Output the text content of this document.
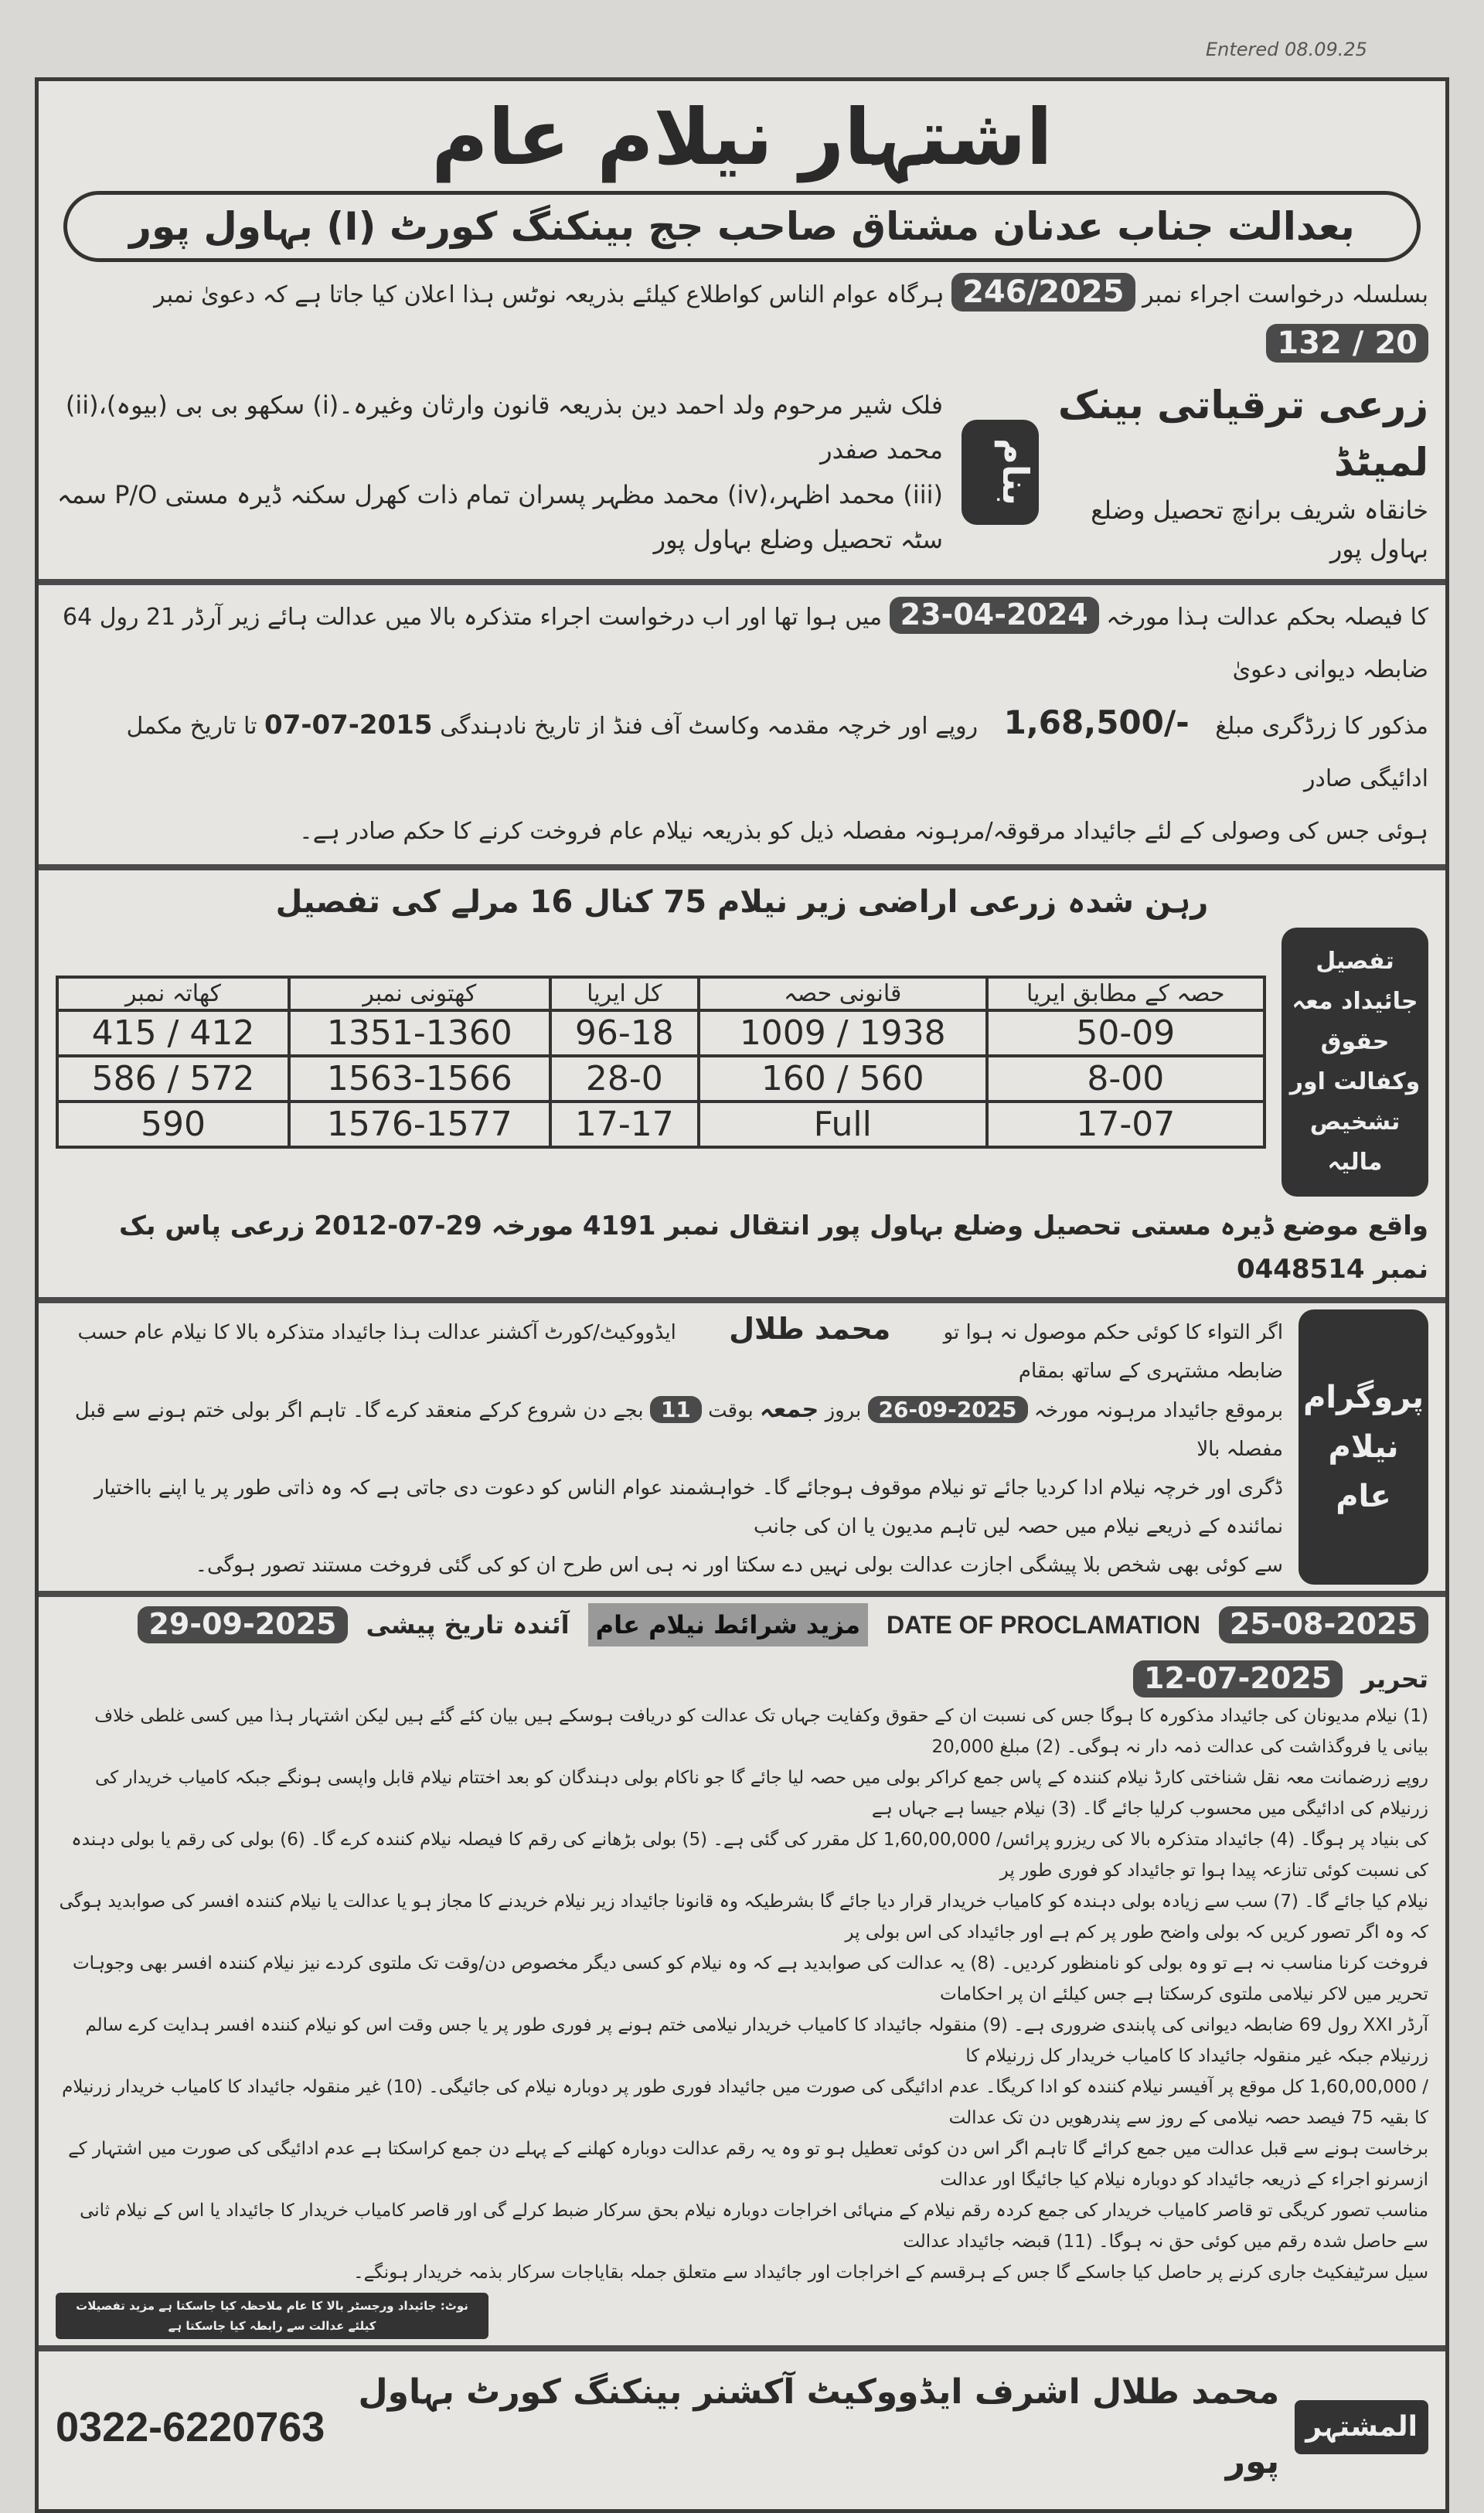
Entered 08.09.25
اشتہار نیلام عام
بعدالت جناب عدنان مشتاق صاحب جج بینکنگ کورٹ (I) بہاول پور
بسلسلہ درخواست اجراء نمبر 246/2025 ہرگاہ عوام الناس کواطلاع کیلئے بذریعہ نوٹس ہذا اعلان کیا جاتا ہے کہ دعویٰ نمبر 132 / 20
زرعی ترقیاتی بینک لمیٹڈ
خانقاہ شریف برانچ تحصیل وضلع بہاول پور
بنام
فلک شیر مرحوم ولد احمد دین بذریعہ قانون وارثان وغیرہ۔(i) سکھو بی بی (بیوہ)،(ii) محمد صفدر
(iii) محمد اظہر،(iv) محمد مظہر پسران تمام ذات کھرل سکنہ ڈیرہ مستی P/O سمہ سٹہ تحصیل وضلع بہاول پور
کا فیصلہ بحکم عدالت ہذا مورخہ 23-04-2024 میں ہوا تھا اور اب درخواست اجراء متذکرہ بالا میں عدالت ہائے زیر آرڈر 21 رول 64 ضابطہ دیوانی دعویٰ
مذکور کا زرڈگری مبلغ 1,68,500/- روپے اور خرچہ مقدمہ وکاسٹ آف فنڈ از تاریخ نادہندگی 07-07-2015 تا تاریخ مکمل ادائیگی صادر
ہوئی جس کی وصولی کے لئے جائیداد مرقوقہ/مرہونہ مفصلہ ذیل کو بذریعہ نیلام عام فروخت کرنے کا حکم صادر ہے۔
رہن شدہ زرعی اراضی زیر نیلام 75 کنال 16 مرلے کی تفصیل
تفصیل جائیداد معہ حقوق وکفالت اور تشخیص مالیہ
کھاتہ نمبر	کھتونی نمبر	کل ایریا	قانونی حصہ	حصہ کے مطابق ایریا
415 / 412	1351-1360	96-18	1009 / 1938	50-09
586 / 572	1563-1566	28-0	160 / 560	8-00
590	1576-1577	17-17	Full	17-07
واقع موضع ڈیرہ مستی تحصیل وضلع بہاول پور انتقال نمبر 4191 مورخہ 29-07-2012 زرعی پاس بک نمبر 0448514
پروگرام نیلام عام
اگر التواء کا کوئی حکم موصول نہ ہوا تو محمد طلال ایڈووکیٹ/کورٹ آکشنر عدالت ہذا جائیداد متذکرہ بالا کا نیلام عام حسب ضابطہ مشتہری کے ساتھ بمقام
برموقع جائیداد مرہونہ مورخہ 26-09-2025 بروز جمعہ بوقت 11 بجے دن شروع کرکے منعقد کرے گا۔ تاہم اگر بولی ختم ہونے سے قبل مفصلہ بالا
ڈگری اور خرچہ نیلام ادا کردیا جائے تو نیلام موقوف ہوجائے گا۔ خواہشمند عوام الناس کو دعوت دی جاتی ہے کہ وہ ذاتی طور پر یا اپنے بااختیار نمائندہ کے ذریعے نیلام میں حصہ لیں تاہم مدیون یا ان کی جانب
سے کوئی بھی شخص بلا پیشگی اجازت عدالت بولی نہیں دے سکتا اور نہ ہی اس طرح ان کو کی گئی فروخت مستند تصور ہوگی۔
25-08-2025
DATE OF PROCLAMATION
مزید شرائط نیلام عام
آئندہ تاریخ پیشی
29-09-2025
تحریر
12-07-2025
(1) نیلام مدیونان کی جائیداد مذکورہ کا ہوگا جس کی نسبت ان کے حقوق وکفایت جہاں تک عدالت کو دریافت ہوسکے ہیں بیان کئے گئے ہیں لیکن اشتہار ہذا میں کسی غلطی خلاف بیانی یا فروگذاشت کی عدالت ذمہ دار نہ ہوگی۔ (2) مبلغ 20,000
روپے زرضمانت معہ نقل شناختی کارڈ نیلام کنندہ کے پاس جمع کراکر بولی میں حصہ لیا جائے گا جو ناکام بولی دہندگان کو بعد اختتام نیلام قابل واپسی ہونگے جبکہ کامیاب خریدار کی زرنیلام کی ادائیگی میں محسوب کرلیا جائے گا۔ (3) نیلام جیسا ہے جہاں ہے
کی بنیاد پر ہوگا۔ (4) جائیداد متذکرہ بالا کی ریزرو پرائس/ 1,60,00,000 کل مقرر کی گئی ہے۔ (5) بولی بڑھانے کی رقم کا فیصلہ نیلام کنندہ کرے گا۔ (6) بولی کی رقم یا بولی دہندہ کی نسبت کوئی تنازعہ پیدا ہوا تو جائیداد کو فوری طور پر
نیلام کیا جائے گا۔ (7) سب سے زیادہ بولی دہندہ کو کامیاب خریدار قرار دیا جائے گا بشرطیکہ وہ قانونا جائیداد زیر نیلام خریدنے کا مجاز ہو یا عدالت یا نیلام کنندہ افسر کی صوابدید ہوگی کہ وہ اگر تصور کریں کہ بولی واضح طور پر کم ہے اور جائیداد کی اس بولی پر
فروخت کرنا مناسب نہ ہے تو وہ بولی کو نامنظور کردیں۔ (8) یہ عدالت کی صوابدید ہے کہ وہ نیلام کو کسی دیگر مخصوص دن/وقت تک ملتوی کردے نیز نیلام کنندہ افسر بھی وجوہات تحریر میں لاکر نیلامی ملتوی کرسکتا ہے جس کیلئے ان پر احکامات
آرڈر XXI رول 69 ضابطہ دیوانی کی پابندی ضروری ہے۔ (9) منقولہ جائیداد کا کامیاب خریدار نیلامی ختم ہونے پر فوری طور پر یا جس وقت اس کو نیلام کنندہ افسر ہدایت کرے سالم زرنیلام جبکہ غیر منقولہ جائیداد کا کامیاب خریدار کل زرنیلام کا
/ 1,60,00,000 کل موقع پر آفیسر نیلام کنندہ کو ادا کریگا۔ عدم ادائیگی کی صورت میں جائیداد فوری طور پر دوبارہ نیلام کی جائیگی۔ (10) غیر منقولہ جائیداد کا کامیاب خریدار زرنیلام کا بقیہ 75 فیصد حصہ نیلامی کے روز سے پندرھویں دن تک عدالت
برخاست ہونے سے قبل عدالت میں جمع کرائے گا تاہم اگر اس دن کوئی تعطیل ہو تو وہ یہ رقم عدالت دوبارہ کھلنے کے پہلے دن جمع کراسکتا ہے عدم ادائیگی کی صورت میں اشتہار کے ازسرنو اجراء کے ذریعہ جائیداد کو دوبارہ نیلام کیا جائیگا اور عدالت
مناسب تصور کریگی تو قاصر کامیاب خریدار کی جمع کردہ رقم نیلام کے منہائی اخراجات دوبارہ نیلام بحق سرکار ضبط کرلے گی اور قاصر کامیاب خریدار کا جائیداد یا اس کے نیلام ثانی سے حاصل شدہ رقم میں کوئی حق نہ ہوگا۔ (11) قبضہ جائیداد عدالت
سیل سرٹیفکیٹ جاری کرنے پر حاصل کیا جاسکے گا جس کے ہرقسم کے اخراجات اور جائیداد سے متعلق جملہ بقایاجات سرکار بذمہ خریدار ہونگے۔
نوٹ: جائیداد ورجسٹر بالا کا عام ملاحظہ کیا جاسکتا ہے مزید تفصیلات کیلئے عدالت سے رابطہ کیا جاسکتا ہے
المشتہر
محمد طلال اشرف ایڈووکیٹ آکشنر بینکنگ کورٹ بہاول پور
0322-6220763
